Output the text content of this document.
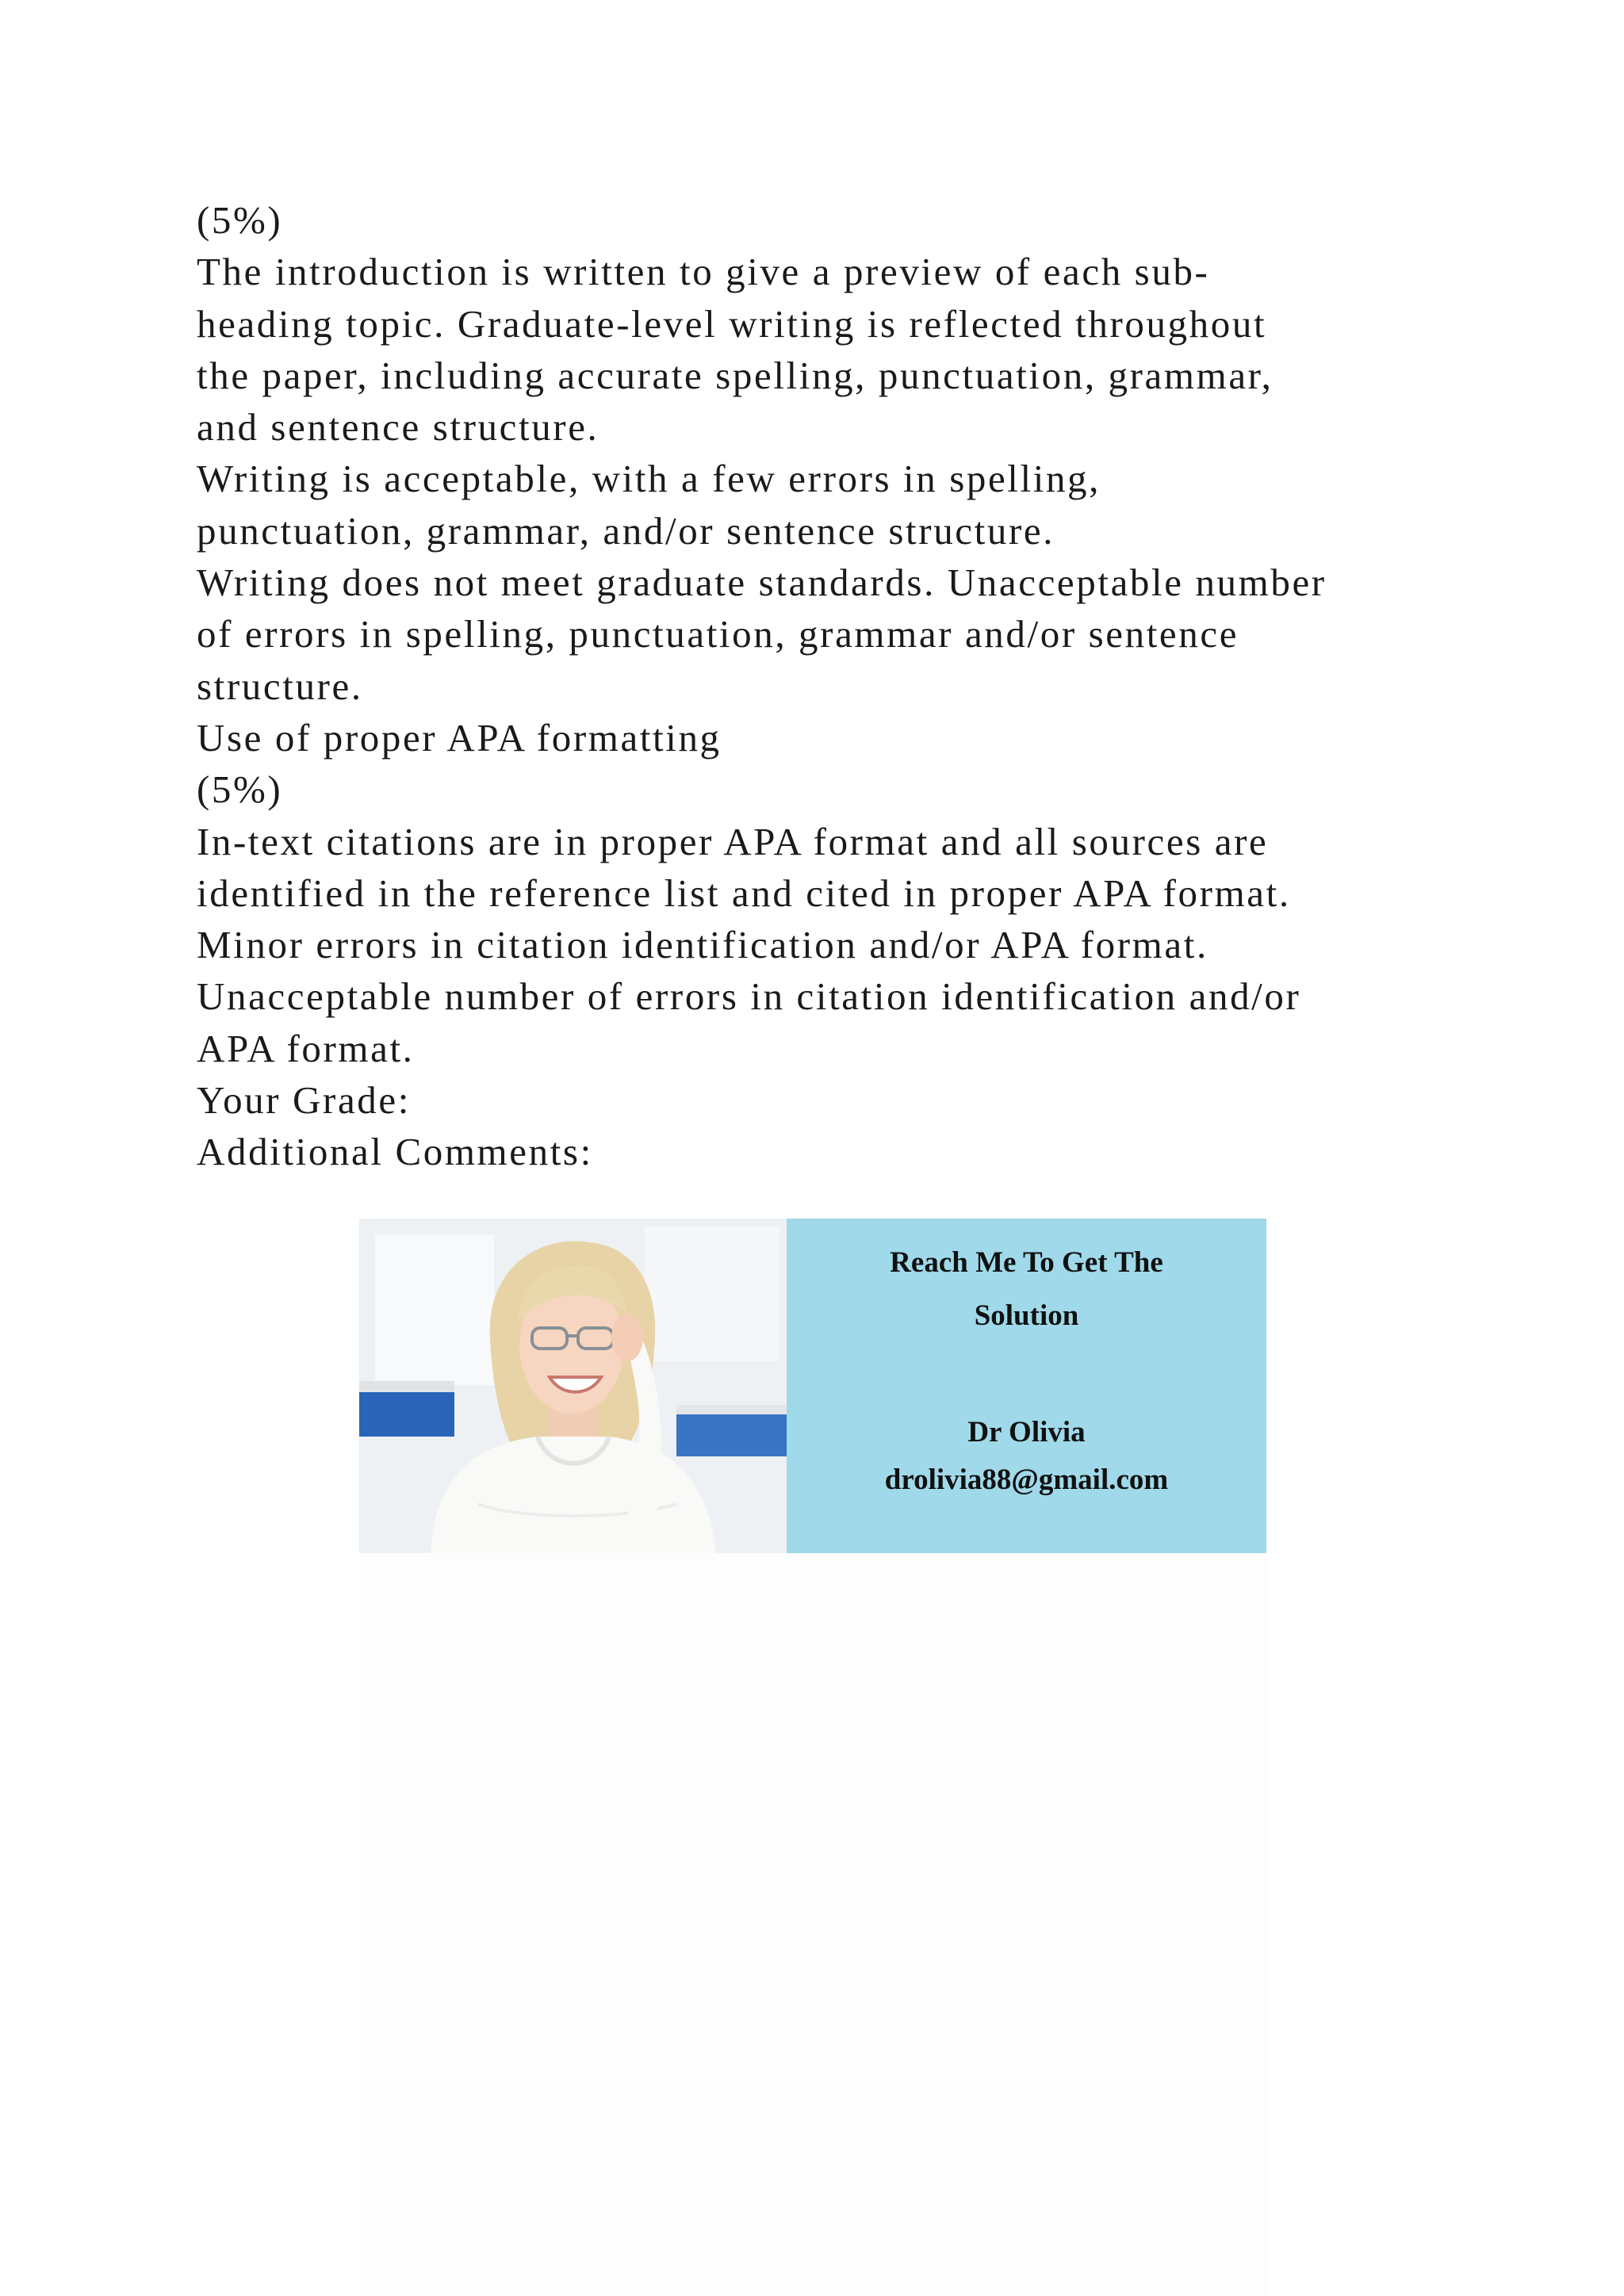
(5%)

The introduction is written to give a preview of each sub-

heading topic. Graduate-level writing is reflected throughout

the paper, including accurate spelling, punctuation, grammar,

and sentence structure.

Writing is acceptable, with a few errors in spelling,

punctuation, grammar, and/or sentence structure.

Writing does not meet graduate standards. Unacceptable number

of errors in spelling, punctuation, grammar and/or sentence

structure.

Use of proper APA formatting

(5%)

In-text citations are in proper APA format and all sources are

identified in the reference list and cited in proper APA format.

Minor errors in citation identification and/or APA format.

Unacceptable number of errors in citation identification and/or

APA format.

Your Grade:

Additional Comments:

Reach Me To Get The
Solution
Dr Olivia
drolivia88@gmail.com
